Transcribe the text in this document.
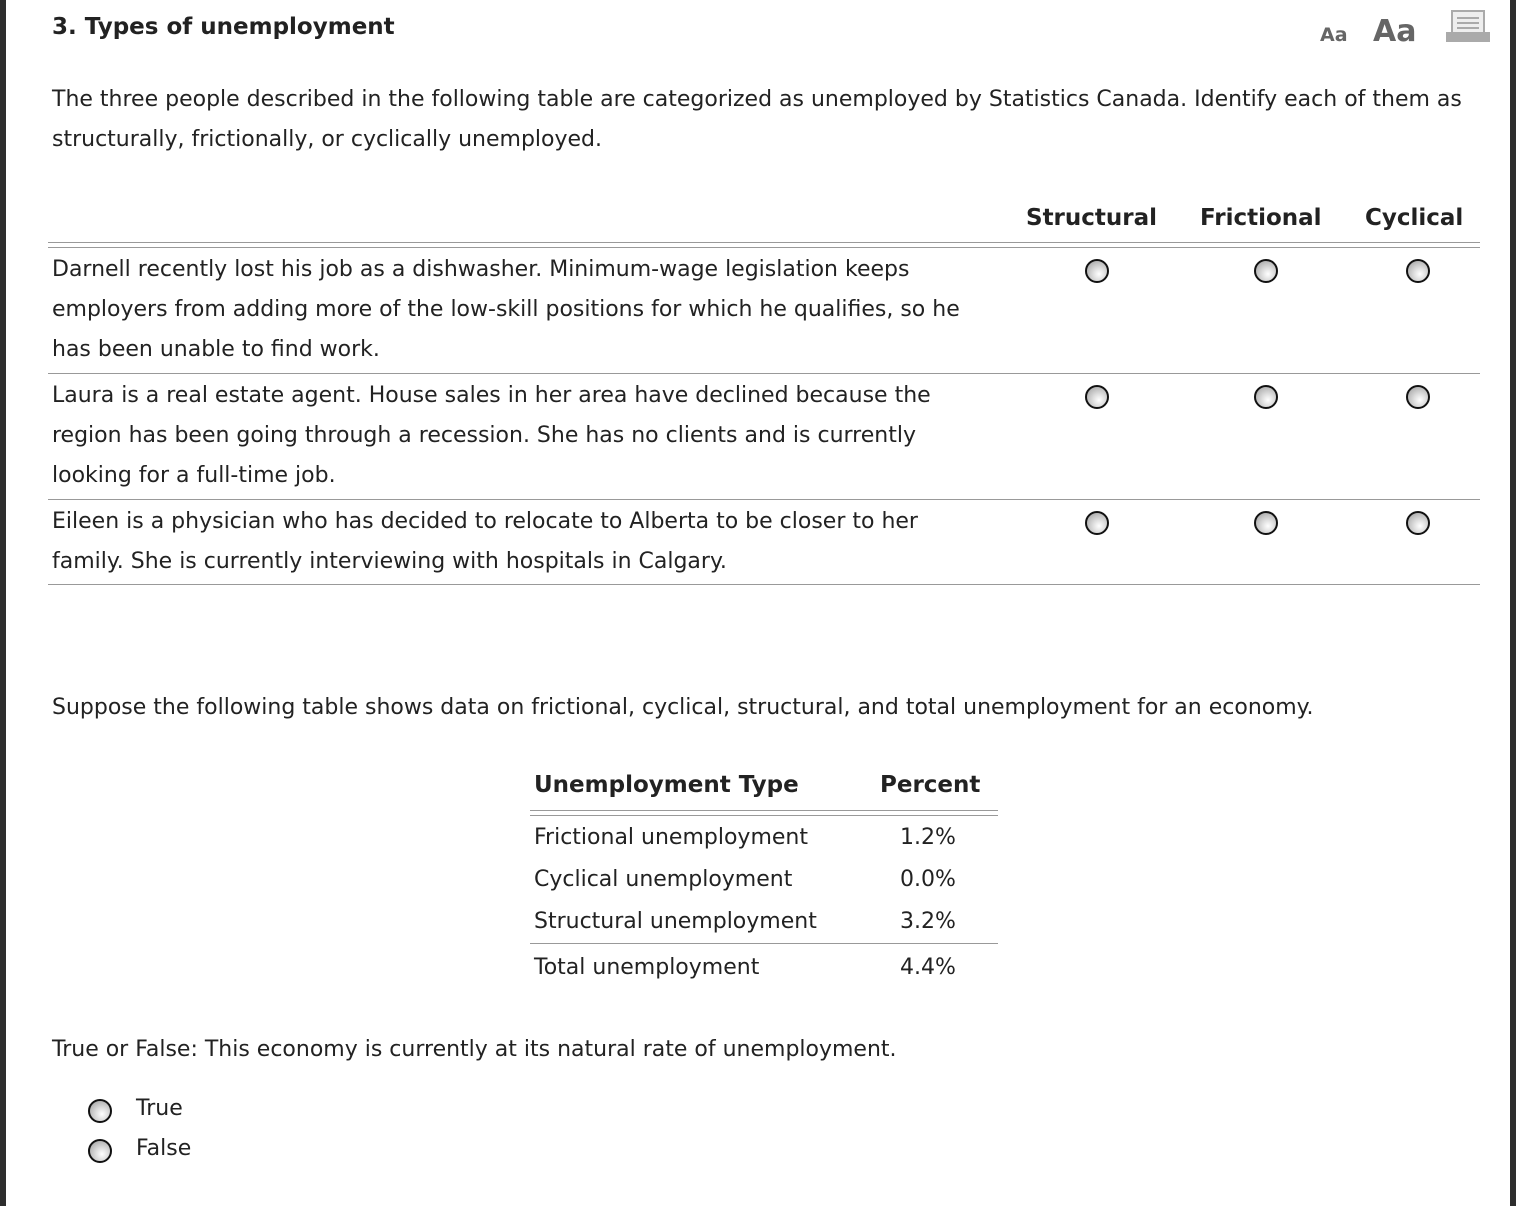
3. Types of unemployment	Aa Aa
The three people described in the following table are categorized as unemployed by Statistics Canada. Identify each of them as structurally, frictionally, or cyclically unemployed.
Structural Frictional Cyclical
Darnell recently lost his job as a dishwasher. Minimum-wage legislation keeps employers from adding more of the low-skill positions for which he qualifies, so he has been unable to find work.
Laura is a real estate agent. House sales in her area have declined because the region has been going through a recession. She has no clients and is currently looking for a full-time job.
Eileen is a physician who has decided to relocate to Alberta to be closer to her family. She is currently interviewing with hospitals in Calgary.
Suppose the following table shows data on frictional, cyclical, structural, and total unemployment for an economy.
Unemployment Type	Percent
Frictional unemployment	1.2%
Cyclical unemployment	0.0%
Structural unemployment	3.2%
Total unemployment	4.4%
True or False: This economy is currently at its natural rate of unemployment.
True
False
